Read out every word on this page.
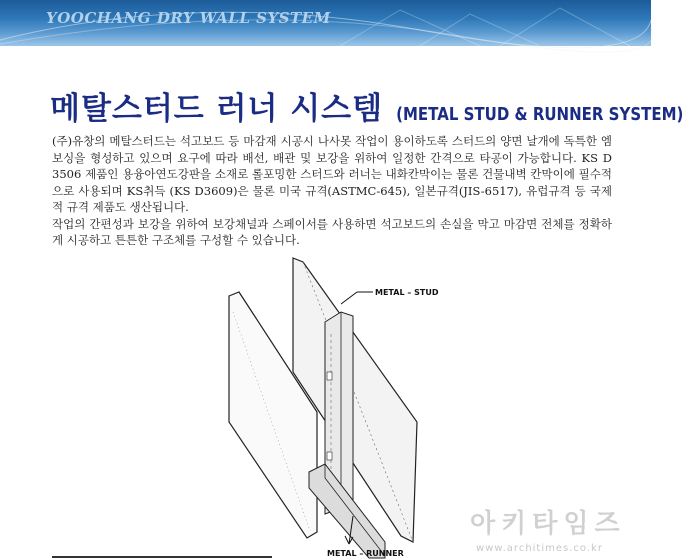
YOOCHANG DRY WALL SYSTEM
메탈스터드 러너 시스템 (METAL STUD & RUNNER SYSTEM)

(주)유창의 메탈스터드는 석고보드 등 마감재 시공시 나사못 작업이 용이하도록 스터드의 양면 날개에 독특한 엠보싱을 형성하고 있으며 요구에 따라 배선, 배관 및 보강을 위하여 일정한 간격으로 타공이 가능합니다. KS D 3506 제품인 용융아연도강판을 소재로 롤포밍한 스터드와 러너는 내화칸막이는 물론 건물내벽 칸막이에 필수적으로 사용되며 KS취득 (KS D3609)은 물론 미국 규격(ASTMC-645), 일본규격(JIS-6517), 유럽규격 등 국제적 규격 제품도 생산됩니다.

작업의 간편성과 보강을 위하여 보강채널과 스페이서를 사용하면 석고보드의 손실을 막고 마감면 전체를 정확하게 시공하고 튼튼한 구조체를 구성할 수 있습니다.

METAL – STUD
METAL – RUNNER
아키타임즈
www.architimes.co.kr
